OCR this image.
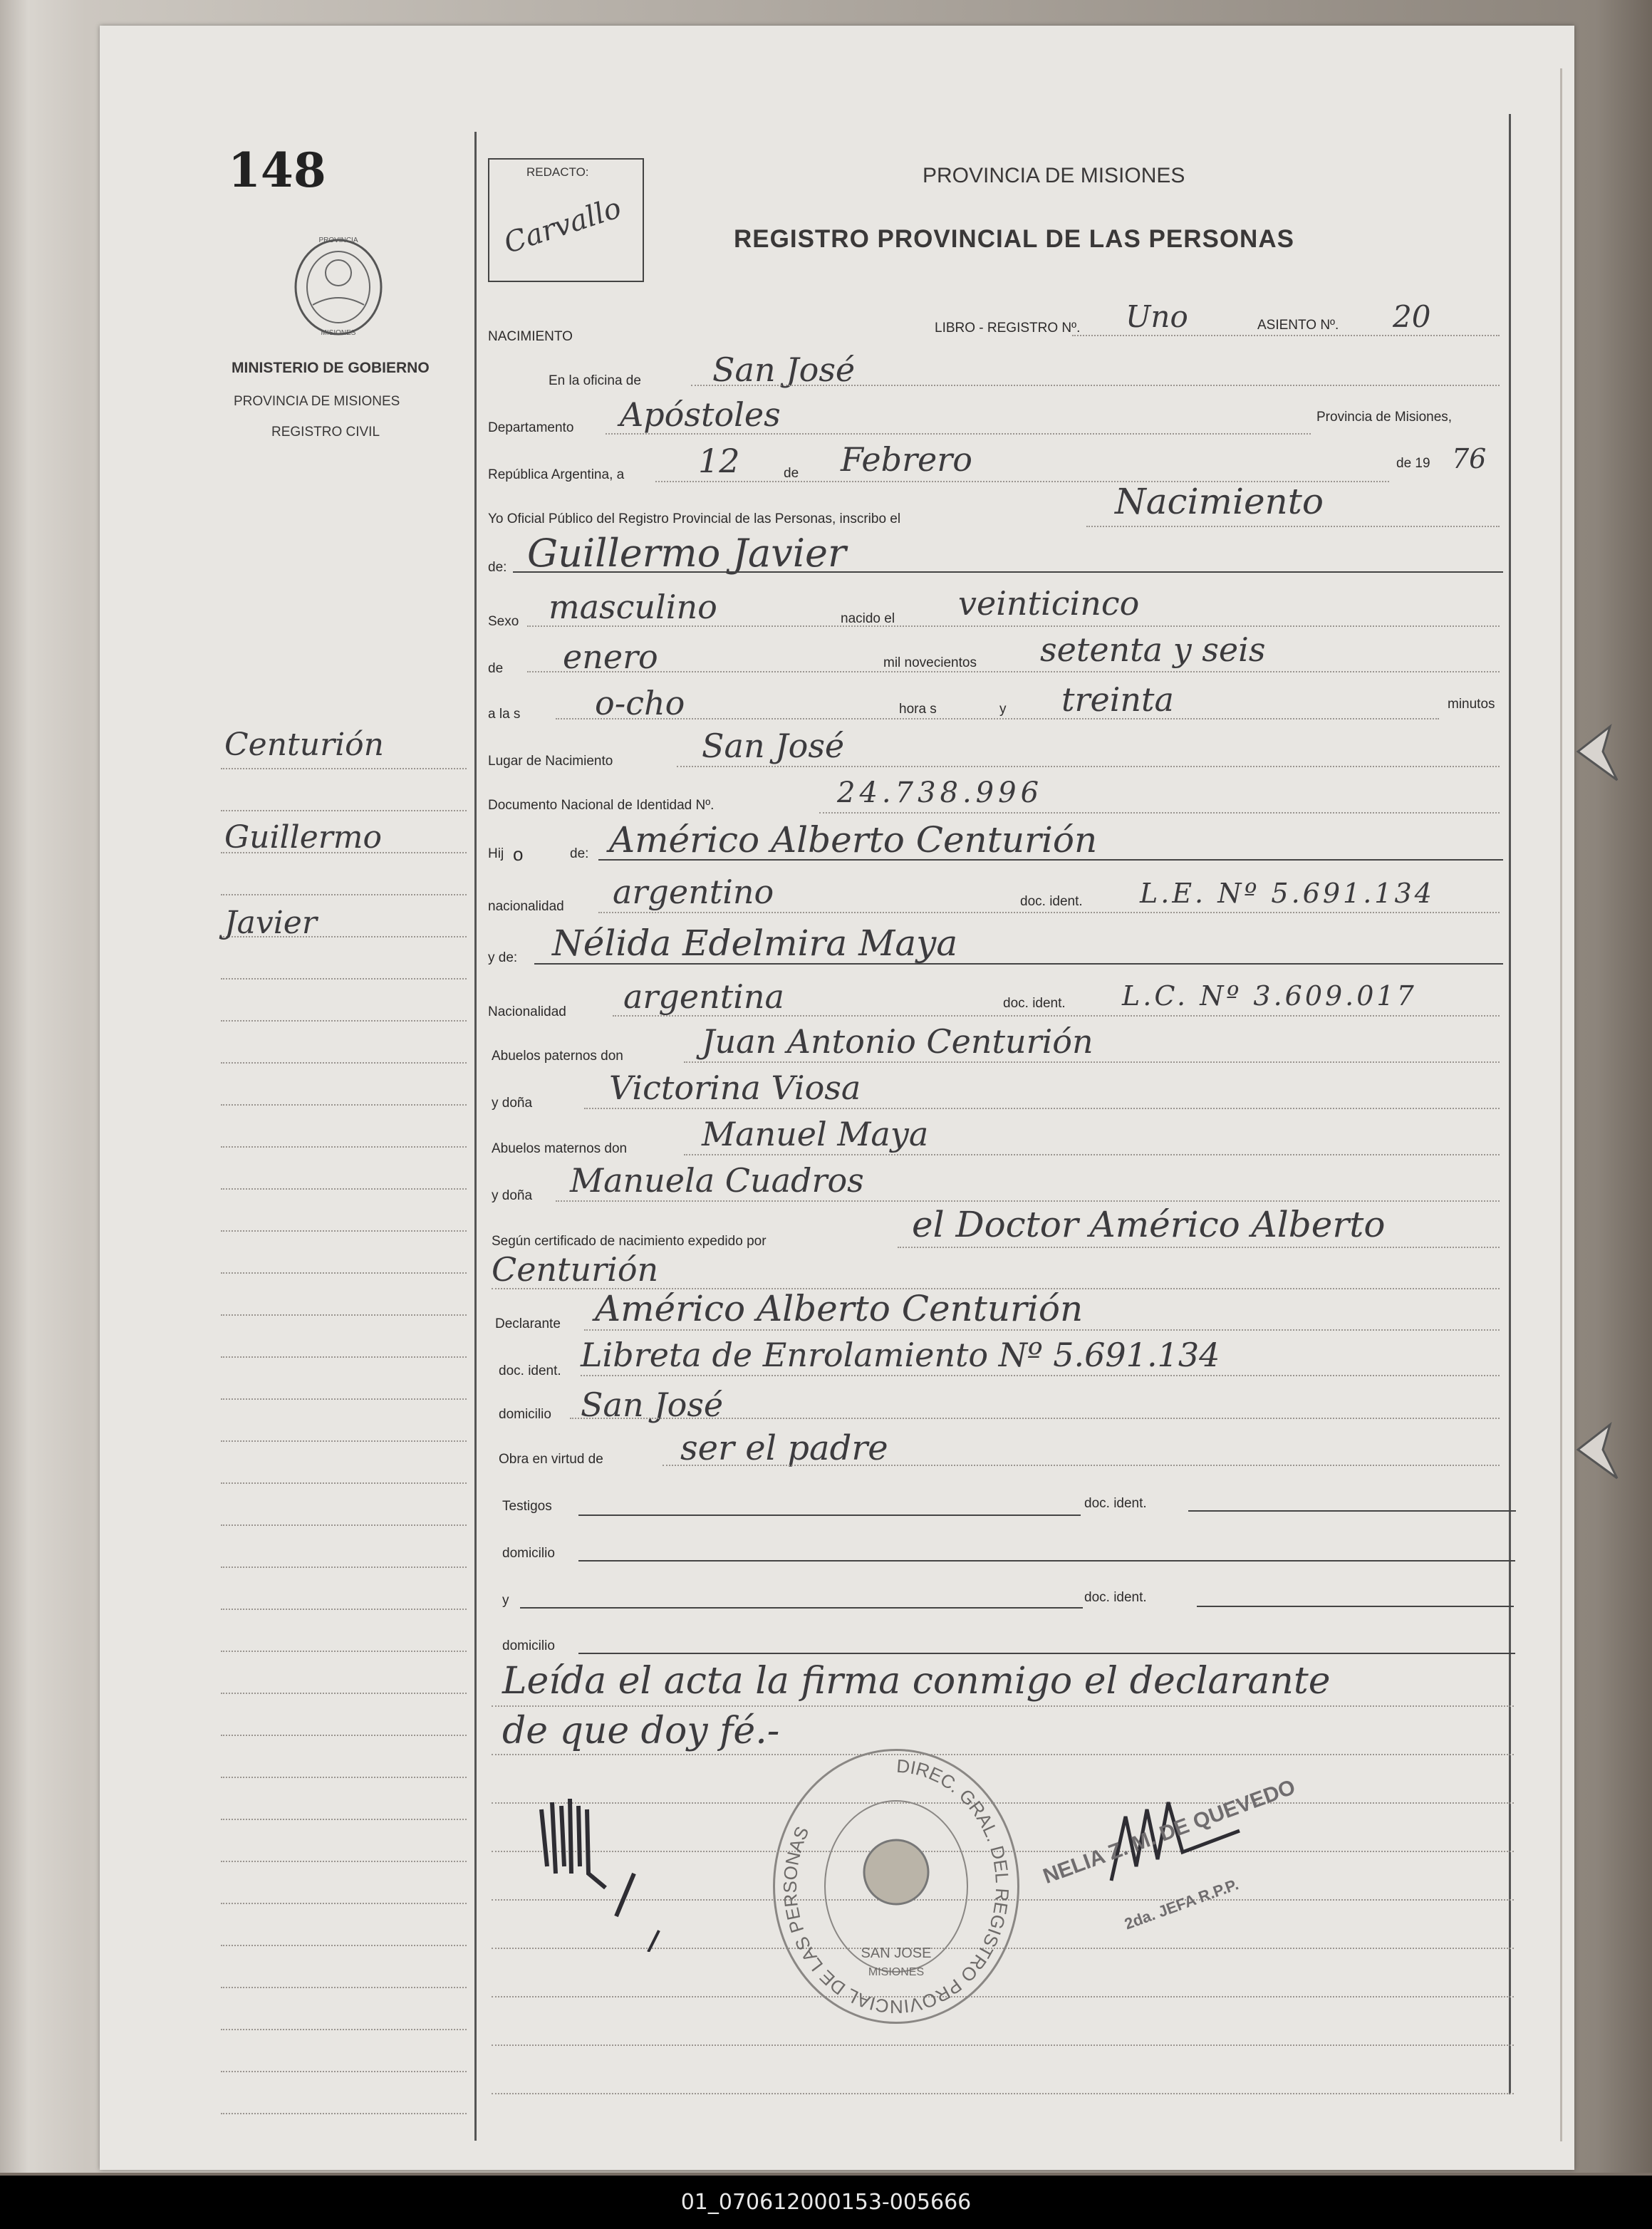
148
PROVINCIA
MISIONES
MINISTERIO DE GOBIERNO
PROVINCIA DE MISIONES
REGISTRO CIVIL
Centurión
Guillermo
Javier
REDACTO:
Carvallo
PROVINCIA DE MISIONES
REGISTRO PROVINCIAL DE LAS PERSONAS
NACIMIENTO
LIBRO - REGISTRO Nº. Uno	ASIENTO Nº. 20
En la oficina de San José
Departamento Apóstoles	Provincia de Misiones,
República Argentina, a 12	de Febrero	de 19 76
Yo Oficial Público del Registro Provincial de las Personas, inscribo el	Nacimiento
de: Guillermo Javier
Sexo masculino	nacido el veinticinco
de enero	mil novecientos setenta y seis
a la s o-cho	hora s	y treinta	minutos
Lugar de Nacimiento	San José
Documento Nacional de Identidad Nº.	24.738.996
Hij o	de: Américo Alberto Centurión
nacionalidad argentino	doc. ident. L.E. Nº 5.691.134
y de: Nélida Edelmira Maya
Nacionalidad argentina	doc. ident. L.C. Nº 3.609.017
Abuelos paternos don Juan Antonio Centurión
y doña Victorina Viosa
Abuelos maternos don Manuel Maya
y doña Manuela Cuadros
Según certificado de nacimiento expedido por	el Doctor Américo Alberto
Centurión
Declarante Américo Alberto Centurión
doc. ident. Libreta de Enrolamiento Nº 5.691.134
domicilio San José
Obra en virtud de ser el padre
Testigos	doc. ident.
domicilio
y	doc. ident.
domicilio
Leída el acta la firma conmigo el declarante
de que doy fé.-
DIREC. GRAL. DEL REGISTRO PROVINCIAL DE LAS PERSONAS
SAN JOSE
MISIONES
NELIA Z. M. DE QUEVEDO
2da. JEFA R.P.P.
01_070612000153-005666
